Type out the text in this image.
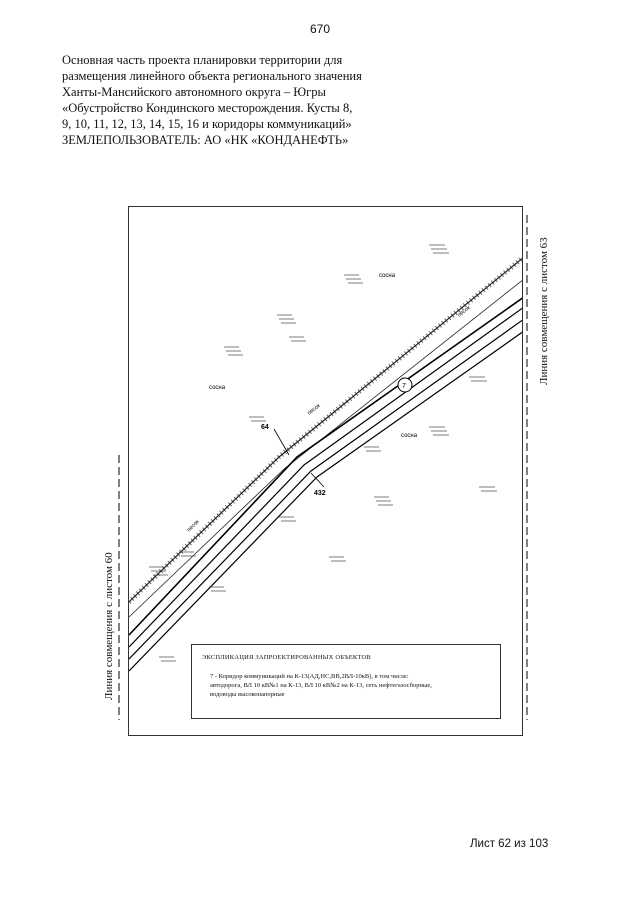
670
Основная часть проекта планировки территории для
размещения линейного объекта регионального значения
Ханты-Мансийского автономного округа – Югры
«Обустройство Кондинского месторождения. Кусты 8,
9, 10, 11, 12, 13, 14, 15, 16 и коридоры коммуникаций»
ЗЕМЛЕПОЛЬЗОВАТЕЛЬ: АО «НК «КОНДАНЕФТЬ»
7
64
432
сосна
сосна
сосна
песок
песок
песок
ЭКСПЛИКАЦИЯ ЗАПРОЕКТИРОВАННЫХ ОБЪЕКТОВ
7 - Коридор коммуникаций на К-13(АД,НС,ВВ,2ВЛ-10кВ), в том числе:
автодорога, ВЛ 10 кВ№1 на К-13, ВЛ 10 кВ№2 на К-13, сеть нефтегазосборные,
водоводы высоконапорные
Линия совмещения с листом 60
Линия совмещения с листом 63
Лист 62 из 103
